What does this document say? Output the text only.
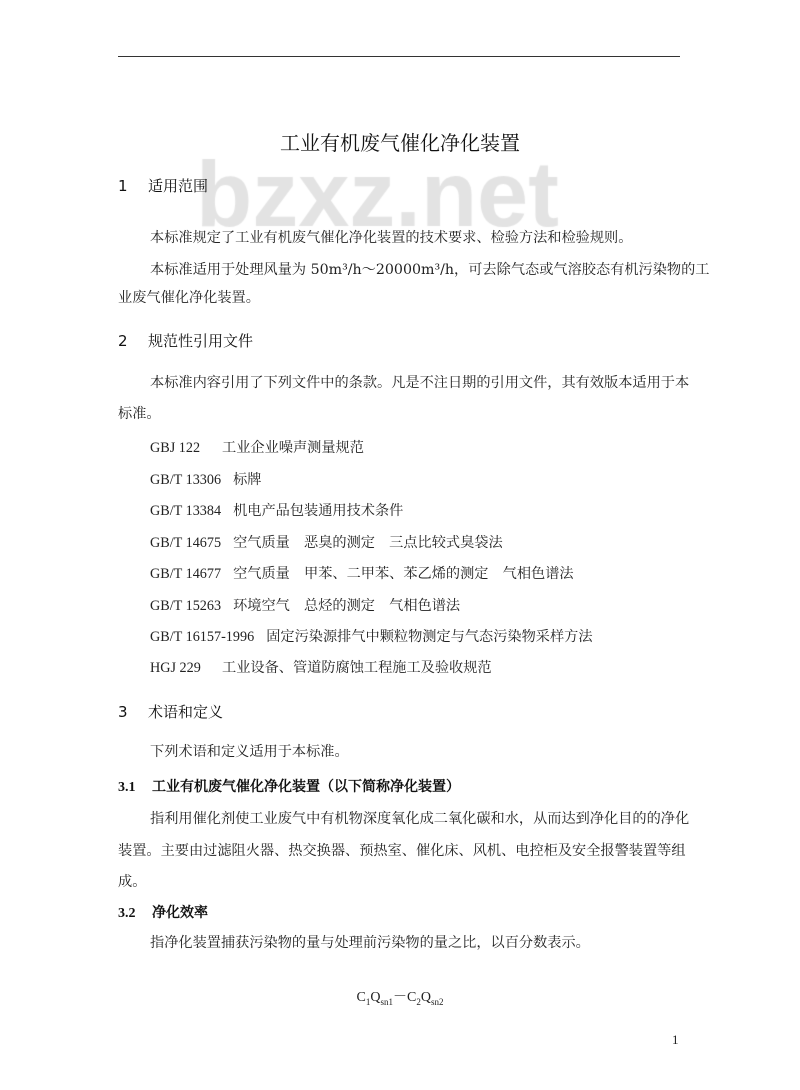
工业有机废气催化净化装置
1 适用范围
本标准规定了工业有机废气催化净化装置的技术要求、检验方法和检验规则。
本标准适用于处理风量为 50m³/h～20000m³/h，可去除气态或气溶胶态有机污染物的工
业废气催化净化装置。
2 规范性引用文件
本标准内容引用了下列文件中的条款。凡是不注日期的引用文件，其有效版本适用于本
标准。
GBJ 122 工业企业噪声测量规范
GB/T 13306 标牌
GB/T 13384 机电产品包装通用技术条件
GB/T 14675 空气质量　恶臭的测定　三点比较式臭袋法
GB/T 14677 空气质量　甲苯、二甲苯、苯乙烯的测定　气相色谱法
GB/T 15263 环境空气　总烃的测定　气相色谱法
GB/T 16157-1996 固定污染源排气中颗粒物测定与气态污染物采样方法
HGJ 229 工业设备、管道防腐蚀工程施工及验收规范
3 术语和定义
下列术语和定义适用于本标准。
3.1 工业有机废气催化净化装置（以下简称净化装置）
指利用催化剂使工业废气中有机物深度氧化成二氧化碳和水，从而达到净化目的的净化
装置。主要由过滤阻火器、热交换器、预热室、催化床、风机、电控柜及安全报警装置等组
成。
3.2 净化效率
指净化装置捕获污染物的量与处理前污染物的量之比，以百分数表示。
$C_1Q_{sn1}-C_2Q_{sn2}$
1
